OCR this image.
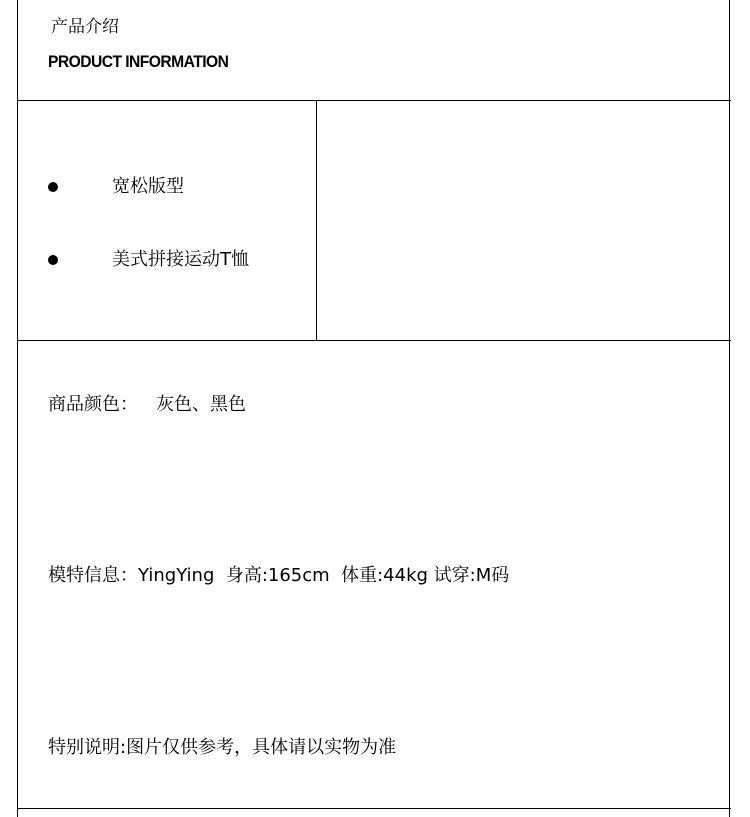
产品介绍
PRODUCT INFORMATION
宽松版型
美式拼接运动T恤
商品颜色： 灰色、黑色
模特信息：YingYing  身高:165cm  体重:44kg 试穿:M码
特别说明:图片仅供参考，具体请以实物为准
